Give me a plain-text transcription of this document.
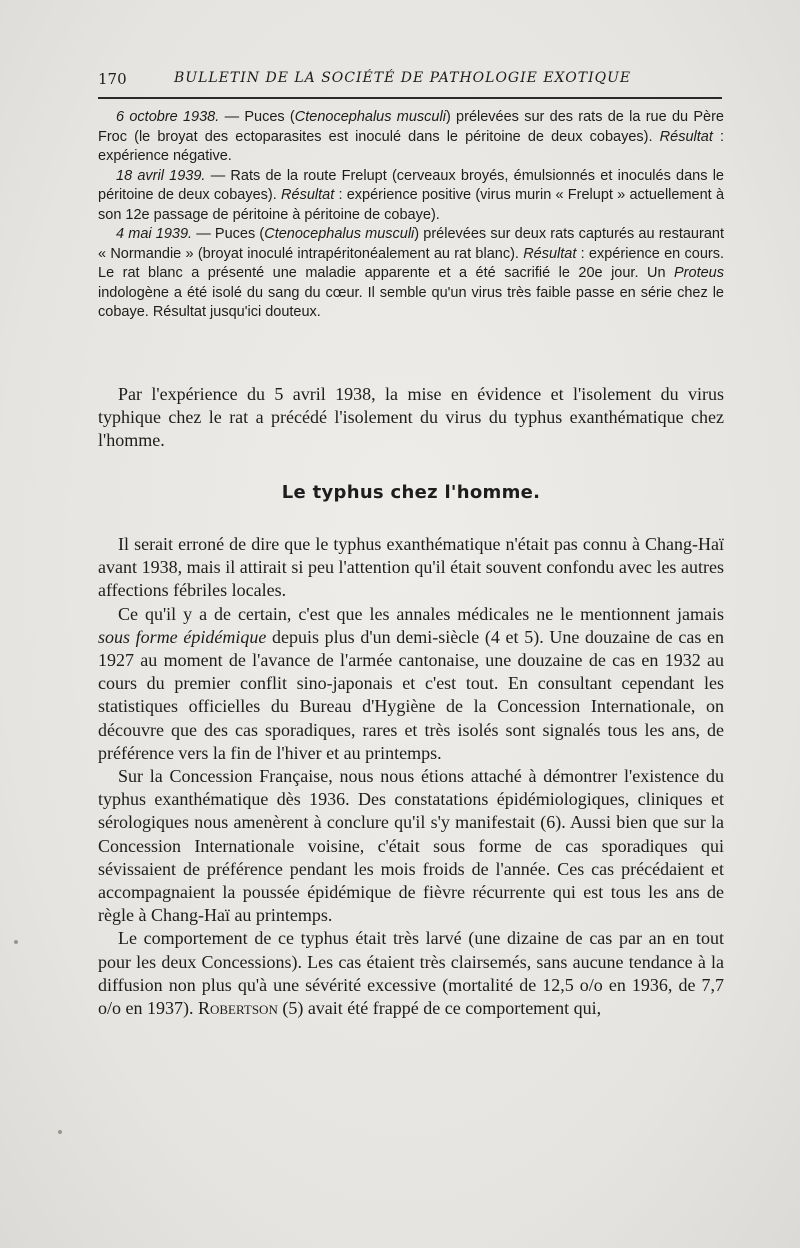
170	BULLETIN DE LA SOCIÉTÉ DE PATHOLOGIE EXOTIQUE

6 octobre 1938. — Puces (Ctenocephalus musculi) prélevées sur des rats de la rue du Père Froc (le broyat des ectoparasites est inoculé dans le péritoine de deux cobayes). Résultat : expérience négative.

18 avril 1939. — Rats de la route Frelupt (cerveaux broyés, émulsionnés et inoculés dans le péritoine de deux cobayes). Résultat : expérience positive (virus murin « Frelupt » actuellement à son 12e passage de péritoine à péritoine de cobaye).

4 mai 1939. — Puces (Ctenocephalus musculi) prélevées sur deux rats capturés au restaurant « Normandie » (broyat inoculé intrapéritonéalement au rat blanc). Résultat : expérience en cours. Le rat blanc a présenté une maladie apparente et a été sacrifié le 20e jour. Un Proteus indologène a été isolé du sang du cœur. Il semble qu'un virus très faible passe en série chez le cobaye. Résultat jusqu'ici douteux.

Par l'expérience du 5 avril 1938, la mise en évidence et l'isolement du virus typhique chez le rat a précédé l'isolement du virus du typhus exanthématique chez l'homme.

Le typhus chez l'homme.

Il serait erroné de dire que le typhus exanthématique n'était pas connu à Chang-Haï avant 1938, mais il attirait si peu l'attention qu'il était souvent confondu avec les autres affections fébriles locales.

Ce qu'il y a de certain, c'est que les annales médicales ne le mentionnent jamais sous forme épidémique depuis plus d'un demi-siècle (4 et 5). Une douzaine de cas en 1927 au moment de l'avance de l'armée cantonaise, une douzaine de cas en 1932 au cours du premier conflit sino-japonais et c'est tout. En consultant cependant les statistiques officielles du Bureau d'Hygiène de la Concession Internationale, on découvre que des cas sporadiques, rares et très isolés sont signalés tous les ans, de préférence vers la fin de l'hiver et au printemps.

Sur la Concession Française, nous nous étions attaché à démontrer l'existence du typhus exanthématique dès 1936. Des constatations épidémiologiques, cliniques et sérologiques nous amenèrent à conclure qu'il s'y manifestait (6). Aussi bien que sur la Concession Internationale voisine, c'était sous forme de cas sporadiques qui sévissaient de préférence pendant les mois froids de l'année. Ces cas précédaient et accompagnaient la poussée épidémique de fièvre récurrente qui est tous les ans de règle à Chang-Haï au printemps.

Le comportement de ce typhus était très larvé (une dizaine de cas par an en tout pour les deux Concessions). Les cas étaient très clairsemés, sans aucune tendance à la diffusion non plus qu'à une sévérité excessive (mortalité de 12,5 o/o en 1936, de 7,7 o/o en 1937). Robertson (5) avait été frappé de ce comportement qui,
